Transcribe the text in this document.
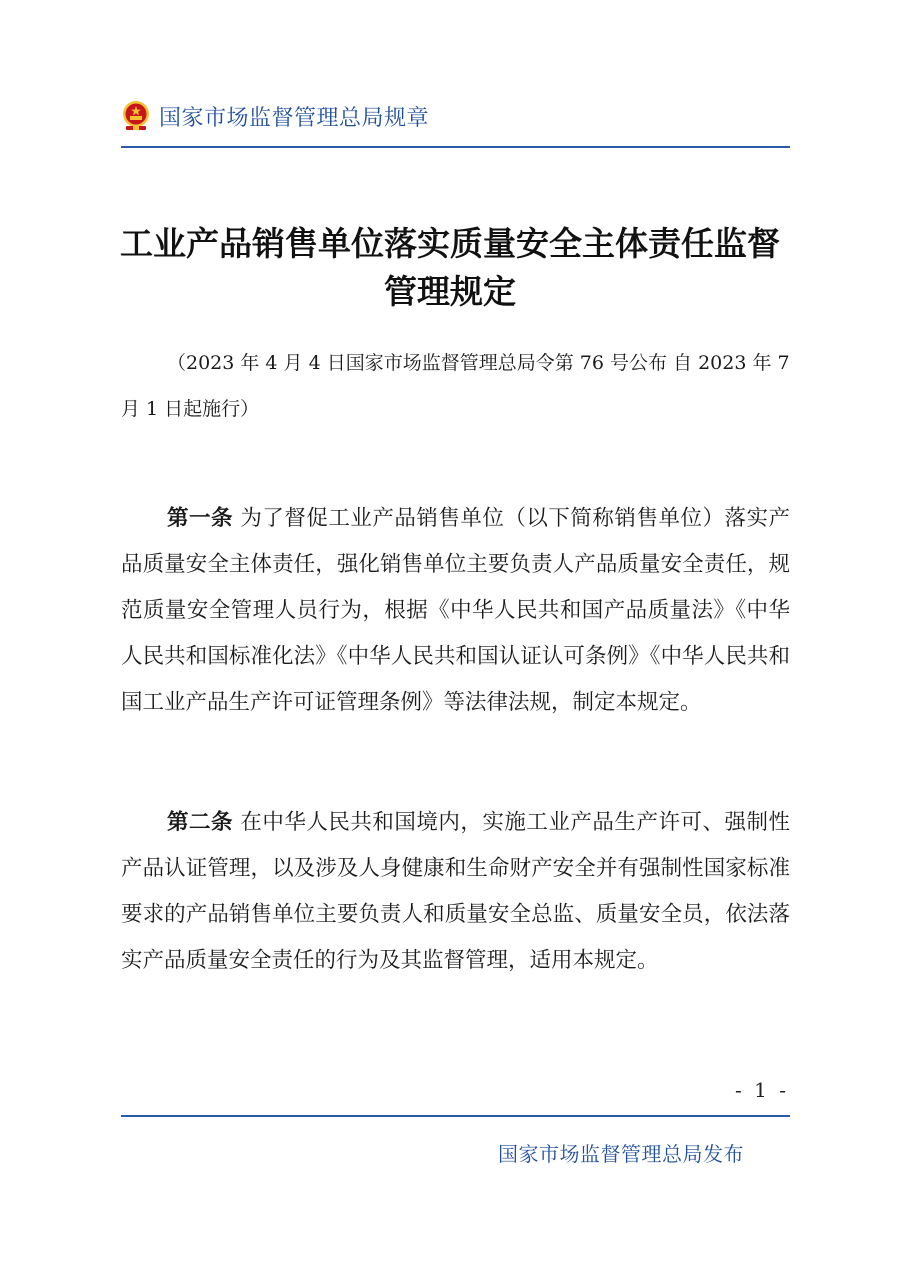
国家市场监督管理总局规章
工业产品销售单位落实质量安全主体责任监督
管理规定
（2023 年 4 月 4 日国家市场监督管理总局令第 76 号公布 自 2023 年 7 月 1 日起施行）
第一条 为了督促工业产品销售单位（以下简称销售单位）落实产品质量安全主体责任，强化销售单位主要负责人产品质量安全责任，规范质量安全管理人员行为，根据《中华人民共和国产品质量法》《中华人民共和国标准化法》《中华人民共和国认证认可条例》《中华人民共和国工业产品生产许可证管理条例》等法律法规，制定本规定。
第二条 在中华人民共和国境内，实施工业产品生产许可、强制性产品认证管理，以及涉及人身健康和生命财产安全并有强制性国家标准要求的产品销售单位主要负责人和质量安全总监、质量安全员，依法落实产品质量安全责任的行为及其监督管理，适用本规定。
- 1 -
国家市场监督管理总局发布
